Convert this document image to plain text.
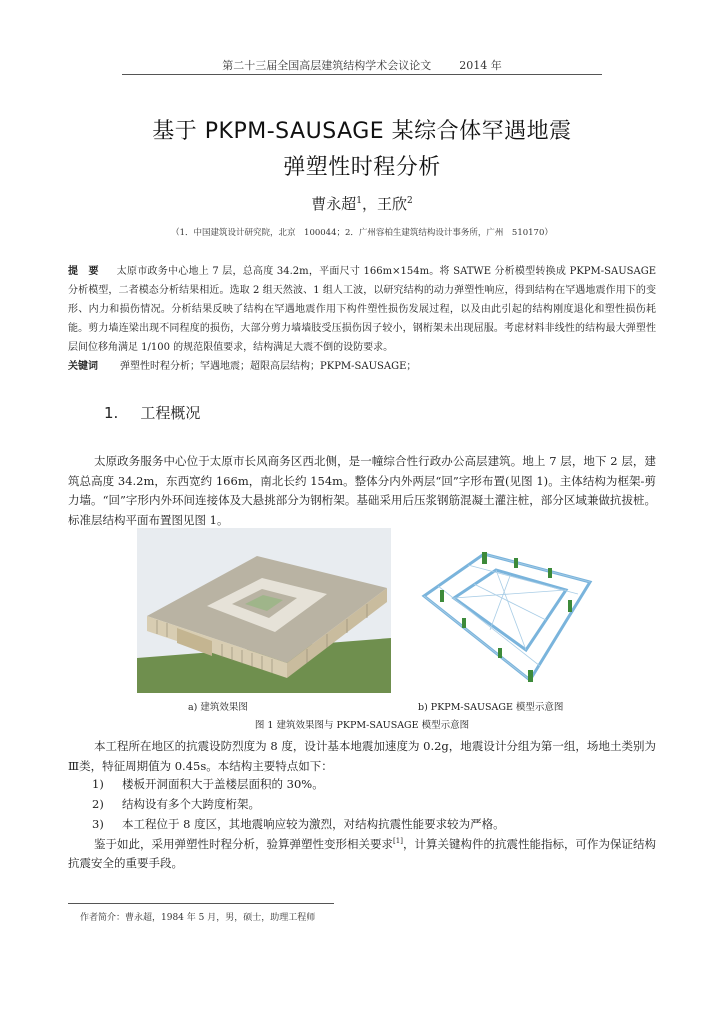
第二十三届全国高层建筑结构学术会议论文	2014 年
基于 PKPM-SAUSAGE 某综合体罕遇地震
弹塑性时程分析
曹永超$^1$，王欣$^2$
（1．中国建筑设计研究院，北京　100044；2．广州容柏生建筑结构设计事务所，广州　510170）
提　要 太原市政务中心地上 7 层，总高度 34.2m，平面尺寸 166m×154m。将 SATWE 分析模型转换成 PKPM-SAUSAGE 分析模型，二者模态分析结果相近。选取 2 组天然波、1 组人工波，以研究结构的动力弹塑性响应，得到结构在罕遇地震作用下的变形、内力和损伤情况。分析结果反映了结构在罕遇地震作用下构件塑性损伤发展过程，以及由此引起的结构刚度退化和塑性损伤耗能。剪力墙连梁出现不同程度的损伤，大部分剪力墙墙肢受压损伤因子较小，钢桁架未出现屈服。考虑材料非线性的结构最大弹塑性层间位移角满足 1/100 的规范限值要求，结构满足大震不倒的设防要求。
关键词 弹塑性时程分析；罕遇地震；超限高层结构；PKPM-SAUSAGE；
1. 工程概况
太原政务服务中心位于太原市长风商务区西北侧，是一幢综合性行政办公高层建筑。地上 7 层，地下 2 层，建筑总高度 34.2m，东西宽约 166m，南北长约 154m。整体分内外两层“回”字形布置(见图 1)。主体结构为框架-剪力墙。“回”字形内外环间连接体及大悬挑部分为钢桁架。基础采用后压浆钢筋混凝土灌注桩，部分区域兼做抗拔桩。标准层结构平面布置图见图 1。
a) 建筑效果图	b) PKPM-SAUSAGE 模型示意图
图 1 建筑效果图与 PKPM-SAUSAGE 模型示意图
本工程所在地区的抗震设防烈度为 8 度，设计基本地震加速度为 0.2g，地震设计分组为第一组，场地土类别为Ⅲ类，特征周期值为 0.45s。本结构主要特点如下：
1)	楼板开洞面积大于盖楼层面积的 30%。
2)	结构设有多个大跨度桁架。
3)	本工程位于 8 度区，其地震响应较为激烈，对结构抗震性能要求较为严格。
鉴于如此，采用弹塑性时程分析，验算弹塑性变形相关要求[1]，计算关键构件的抗震性能指标，可作为保证结构抗震安全的重要手段。
作者简介：曹永超，1984 年 5 月，男，硕士，助理工程师
